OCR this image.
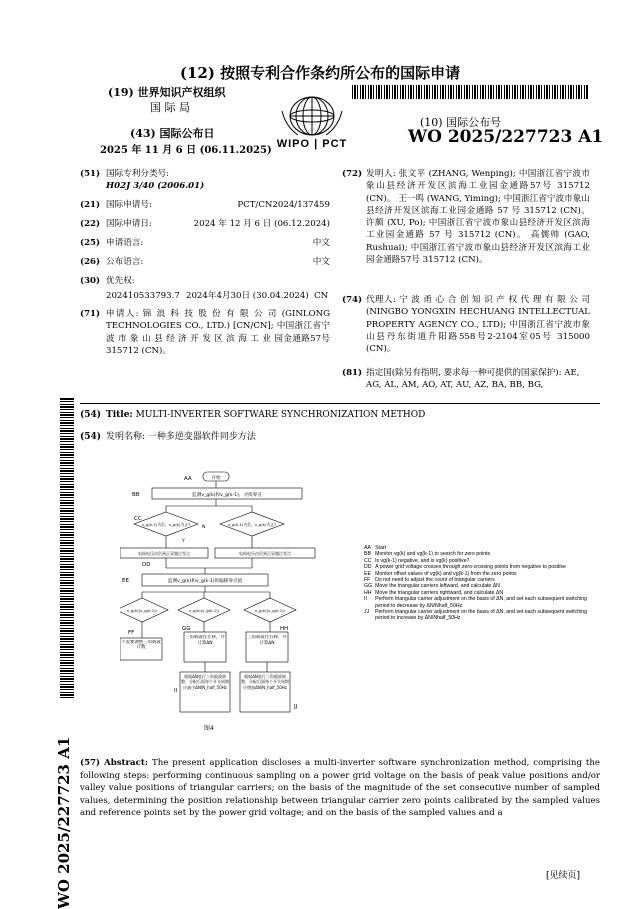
(12) 按照专利合作条约所公布的国际申请
(19) 世界知识产权组织
国 际 局
(43) 国际公布日
2025 年 11 月 6 日 (06.11.2025)
WIPO | PCT
(10) 国际公布号
WO 2025/227723 A1
(51) 国际专利分类号:
H02J 3/40 (2006.01)
(21) 国际申请号:	PCT/CN2024/137459
(22) 国际申请日:	2024 年 12 月 6 日 (06.12.2024)
(25) 申请语言:	中文
(26) 公布语言:	中文
(30) 优先权:
202410533793.7 2024年4月30日 (30.04.2024) CN
(71) 申请人: 锦 浪 科 技 股 份 有 限 公 司 (GINLONG TECHNOLOGIES CO., LTD.) [CN/CN]; 中国浙江省宁 波 市 象 山 县 经 济 开 发 区 滨 海 工 业 园金通路57号 315712 (CN)。
(72) 发明人: 张文平 (ZHANG, Wenping); 中国浙江省宁波市象山县经济开发区滨海工业园金通路57号 315712 (CN)。 王一鸣 (WANG, Yiming); 中国浙江省宁波市象山县经济开发区滨海工业园金通路 57 号 315712 (CN)。 许颇 (XU, Po); 中国浙江省宁波市象山县经济开发区滨海工业园金通路 57 号 315712 (CN)。 高儒帅 (GAO, Rushuai); 中国浙江省宁波市象山县经济开发区滨海工业园金通路57号 315712 (CN)。
(74) 代理人: 宁 波 甬 心 合 创 知 识 产 权 代 理 有 限 公 司 (NINGBO YONGXIN HECHUANG INTELLECTUAL PROPERTY AGENCY CO., LTD); 中国浙江省宁波市象山县丹东街道升阳路558号2-2104室05号 315000 (CN)。
(81) 指定国(除另有指明, 要求每一种可提供的国家保护): AE, AG, AL, AM, AO, AT, AU, AZ, BA, BB, BG,
WO 2025/227723 A1
(54) Title: MULTI-INVERTER SOFTWARE SYNCHRONIZATION METHOD
(54) 发明名称: 一种多逆变器软件同步方法
开始
监测v_g(k)和v_g(k-1)，寻找零点
v_g(k-1)为负，v_g(k)为正?	v_g(k-1)为负，v_g(k)为正?
电网电压由负到正穿越过零点	电网电压由负到正穿越过零点
监测v_g(k)和v_g(k-1)的偏移零点值
v_g(k)(v_g(k-1))	v_g(k)(v_g(k-1))	v_g(k)(v_g(k-1))
不需要调整三角载波计数
三角载波往左移，并计算ΔN
三角载波往右移，并计算ΔN
根据ΔN进行三角载波调整，分配后面每个开关周期应减少ΔN/N_half_50Hz
根据ΔN进行三角载波调整，分配后面每个开关周期应增加ΔN/N_half_50Hz
AA
BB
CC
DD
EE
FF
GG	HH
II
JJ
Y
N
图4
AA	Start
BB	Monitor vg(k) and vg(k-1) to search for zero points
CC	Is vg(k-1) negative, and is vg(k) positive?
DD	A power grid voltage crosses through zero-crossing points from negative to positive
EE	Monitor offset values of vg(k) and vg(k-1) from the zero points
FF	Do not need to adjust the count of triangular carriers
GG	Move the triangular carriers leftward, and calculate ΔN
HH	Move the triangular carriers rightward, and calculate ΔN
II	Perform triangular carrier adjustment on the basis of ΔN, and set each subsequent switching period to decrease by ΔN/Nhalf_50Hz
JJ	Perform triangular carrier adjustment on the basis of ΔN, and set each subsequent switching period to increase by ΔN/Nhalf_50Hz
(57) Abstract: The present application discloses a multi-inverter software synchronization method, comprising the following steps: performing continuous sampling on a power grid voltage on the basis of peak value positions and/or valley value positions of triangular carriers; on the basis of the magnitude of the set consecutive number of sampled values, determining the position relationship between triangular carrier zero points calibrated by the sampled values and reference points set by the power grid voltage; and on the basis of the sampled values and a
[见续页]
